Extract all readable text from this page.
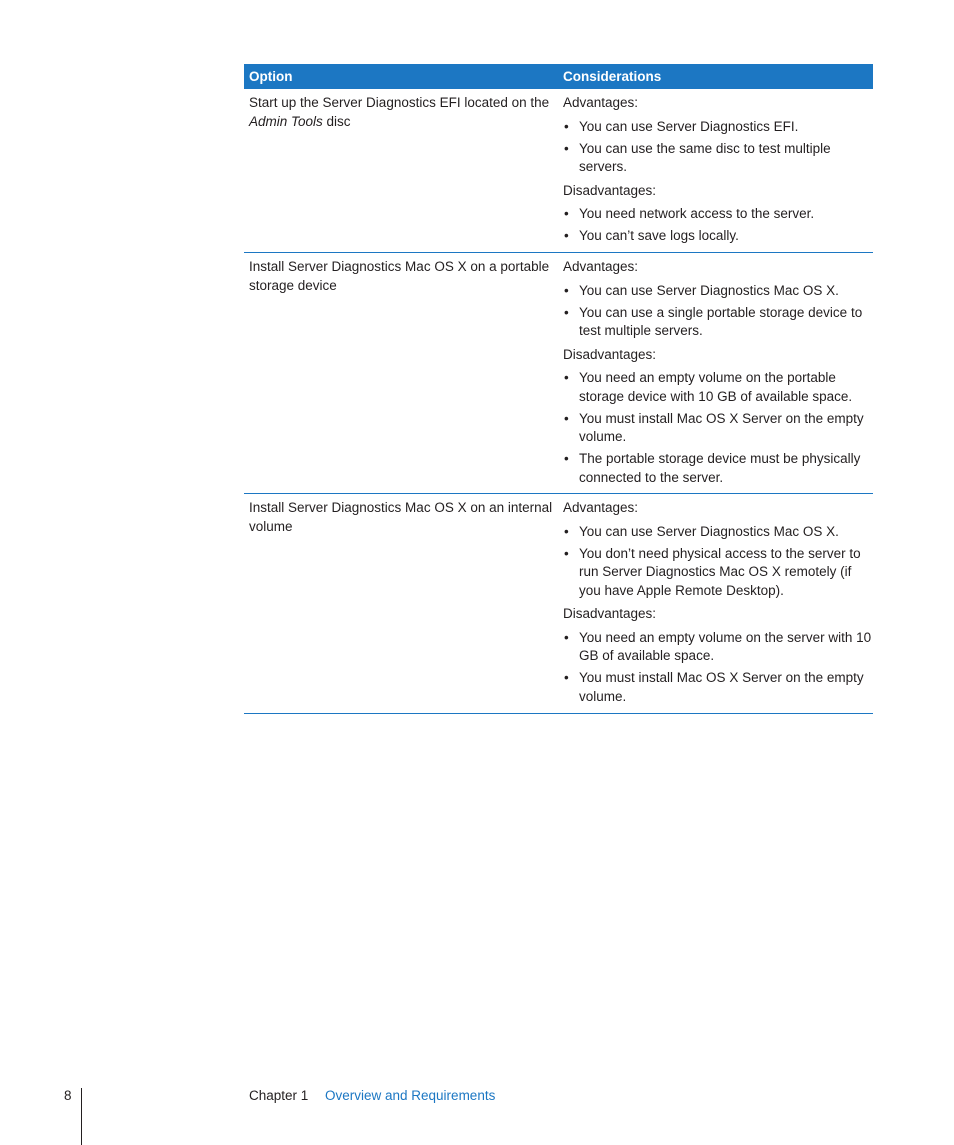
Option	Considerations
Start up the Server Diagnostics EFI located on the Admin Tools disc

Advantages:

• You can use Server Diagnostics EFI.
• You can use the same disc to test multiple servers.

Disadvantages:

• You need network access to the server.
• You can’t save logs locally.
Install Server Diagnostics Mac OS X on a portable storage device

Advantages:

• You can use Server Diagnostics Mac OS X.
• You can use a single portable storage device to test multiple servers.

Disadvantages:

• You need an empty volume on the portable storage device with 10 GB of available space.
• You must install Mac OS X Server on the empty volume.
• The portable storage device must be physically connected to the server.
Install Server Diagnostics Mac OS X on an internal volume

Advantages:

• You can use Server Diagnostics Mac OS X.
• You don’t need physical access to the server to run Server Diagnostics Mac OS X remotely (if you have Apple Remote Desktop).

Disadvantages:

• You need an empty volume on the server with 10 GB of available space.
• You must install Mac OS X Server on the empty volume.
8	Chapter 1 Overview and Requirements
